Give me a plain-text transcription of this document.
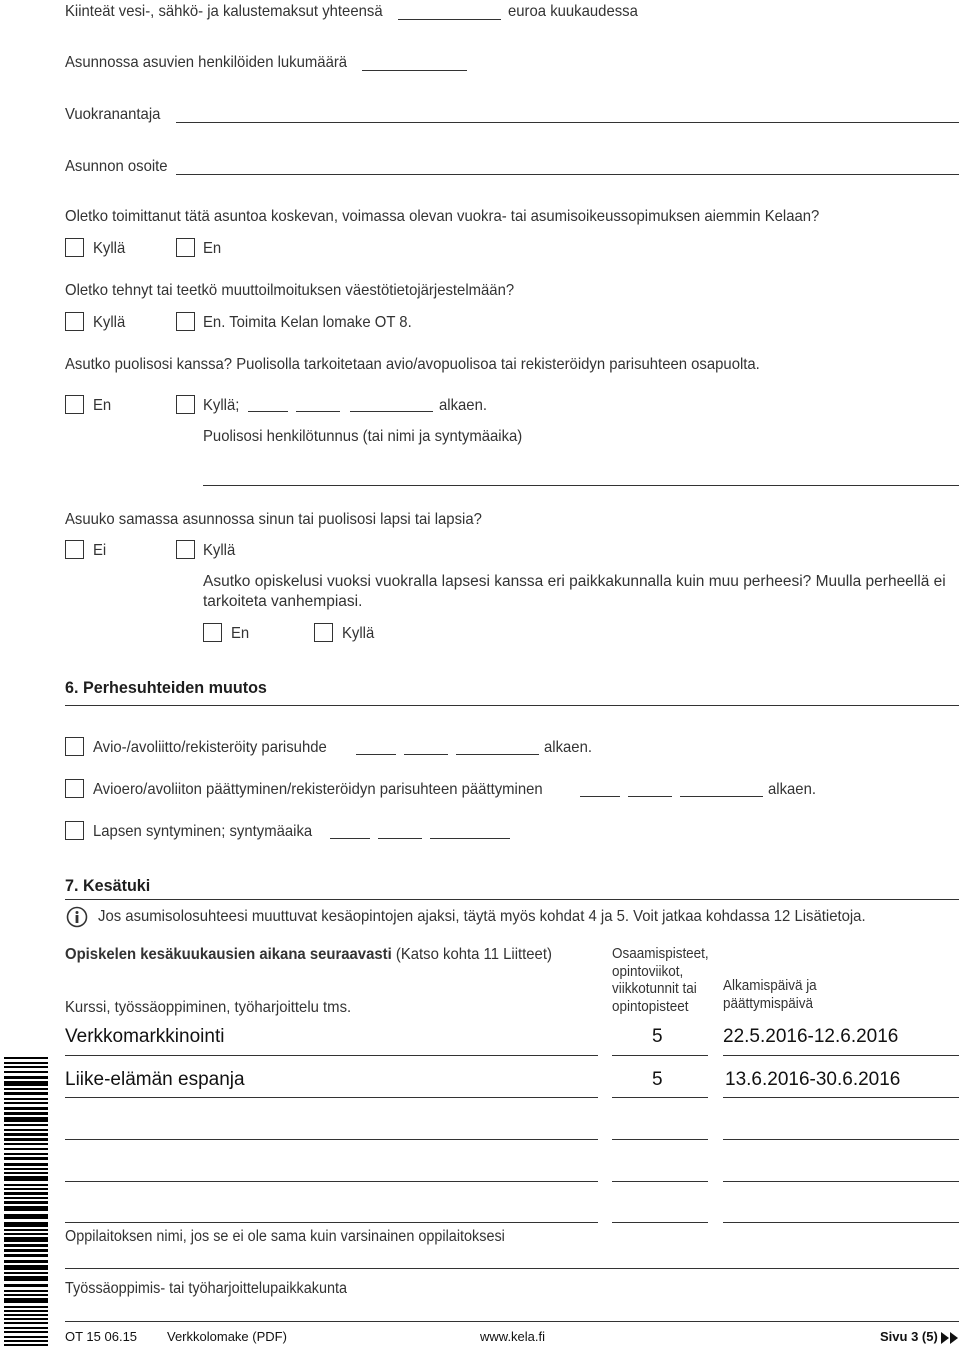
Kiinteät vesi-, sähkö- ja kalustemaksut yhteensä	euroa kuukaudessa
Asunnossa asuvien henkilöiden lukumäärä
Vuokranantaja
Asunnon osoite
Oletko toimittanut tätä asuntoa koskevan, voimassa olevan vuokra- tai asumisoikeussopimuksen aiemmin Kelaan?
Kyllä	En
Oletko tehnyt tai teetkö muuttoilmoituksen väestötietojärjestelmään?
Kyllä	En. Toimita Kelan lomake OT 8.
Asutko puolisosi kanssa? Puolisolla tarkoitetaan avio/avopuolisoa tai rekisteröidyn parisuhteen osapuolta.
En	Kyllä;	alkaen.
Puolisosi henkilötunnus (tai nimi ja syntymäaika)
Asuuko samassa asunnossa sinun tai puolisosi lapsi tai lapsia?
Ei	Kyllä
Asutko opiskelusi vuoksi vuokralla lapsesi kanssa eri paikkakunnalla kuin muu perheesi? Muulla perheellä ei tarkoiteta vanhempiasi.
En	Kyllä
6. Perhesuhteiden muutos
Avio-/avoliitto/rekisteröity parisuhde	alkaen.
Avioero/avoliiton päättyminen/rekisteröidyn parisuhteen päättyminen	alkaen.
Lapsen syntyminen; syntymäaika
7. Kesätuki
Jos asumisolosuhteesi muuttuvat kesäopintojen ajaksi, täytä myös kohdat 4 ja 5. Voit jatkaa kohdassa 12 Lisätietoja.
Opiskelen kesäkuukausien aikana seuraavasti (Katso kohta 11 Liitteet)
Kurssi, työssäoppiminen, työharjoittelu tms.
Osaamispisteet,
opintoviikot,
viikkotunnit tai
opintopisteet
Alkamispäivä ja
päättymispäivä
Verkkomarkkinointi	5	22.5.2016-12.6.2016
Liike-elämän espanja	5	13.6.2016-30.6.2016
Oppilaitoksen nimi, jos se ei ole sama kuin varsinainen oppilaitoksesi
Työssäoppimis- tai työharjoittelupaikkakunta
OT 15 06.15 Verkkolomake (PDF)	www.kela.fi	Sivu 3 (5)
